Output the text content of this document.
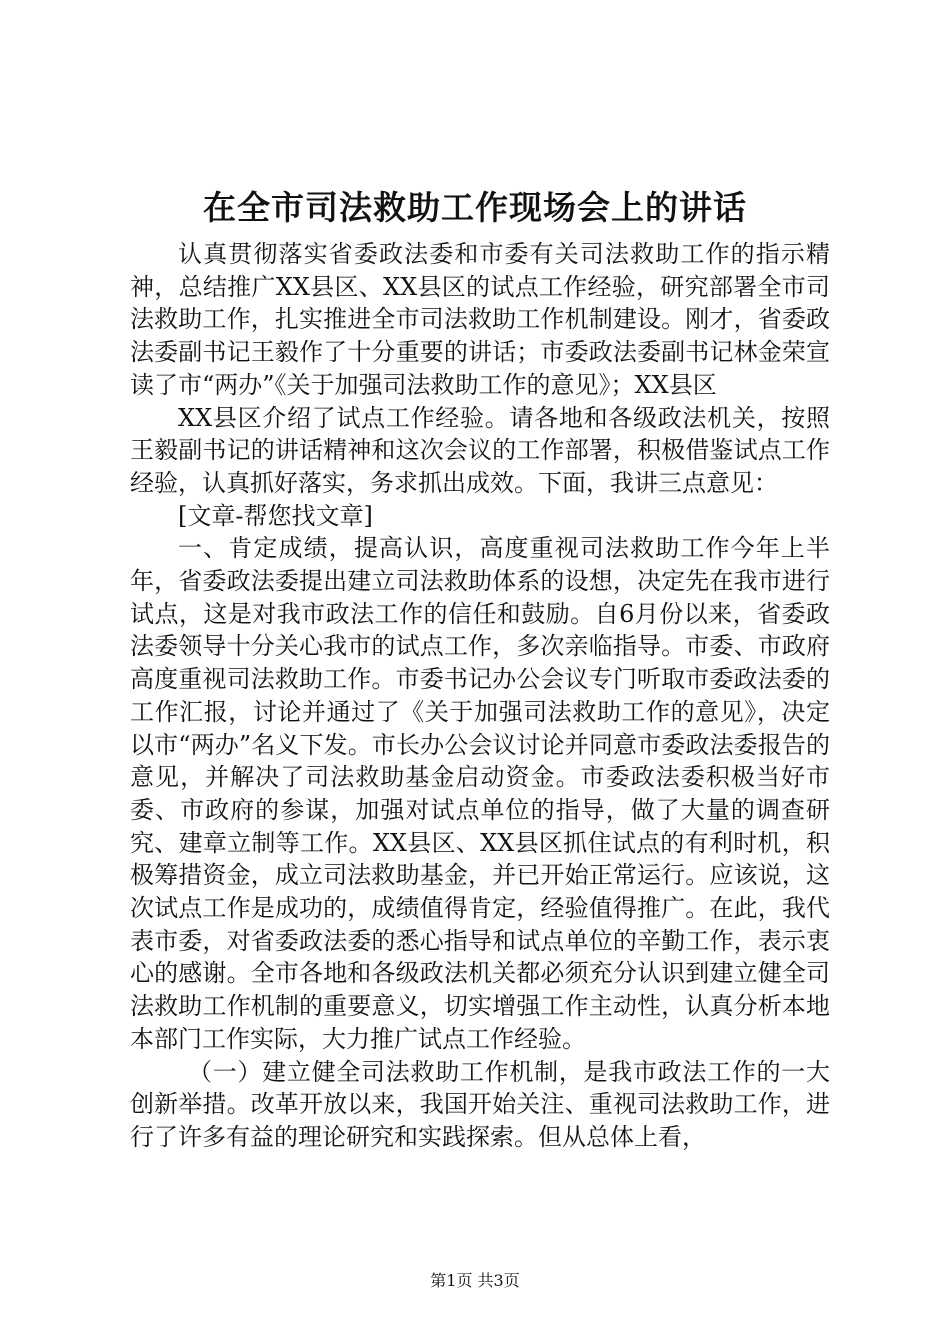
在全市司法救助工作现场会上的讲话

认真贯彻落实省委政法委和市委有关司法救助工作的指示精神，总结推广XX县区、XX县区的试点工作经验，研究部署全市司法救助工作，扎实推进全市司法救助工作机制建设。刚才，省委政法委副书记王毅作了十分重要的讲话；市委政法委副书记林金荣宣读了市“两办”《关于加强司法救助工作的意见》；XX县区

XX县区介绍了试点工作经验。请各地和各级政法机关，按照王毅副书记的讲话精神和这次会议的工作部署，积极借鉴试点工作经验，认真抓好落实，务求抓出成效。下面，我讲三点意见：

[文章-帮您找文章]

一、肯定成绩，提高认识，高度重视司法救助工作今年上半年，省委政法委提出建立司法救助体系的设想，决定先在我市进行试点，这是对我市政法工作的信任和鼓励。自6月份以来，省委政法委领导十分关心我市的试点工作，多次亲临指导。市委、市政府高度重视司法救助工作。市委书记办公会议专门听取市委政法委的工作汇报，讨论并通过了《关于加强司法救助工作的意见》，决定以市“两办”名义下发。市长办公会议讨论并同意市委政法委报告的意见，并解决了司法救助基金启动资金。市委政法委积极当好市委、市政府的参谋，加强对试点单位的指导，做了大量的调查研究、建章立制等工作。XX县区、XX县区抓住试点的有利时机，积极筹措资金，成立司法救助基金，并已开始正常运行。应该说，这次试点工作是成功的，成绩值得肯定，经验值得推广。在此，我代表市委，对省委政法委的悉心指导和试点单位的辛勤工作，表示衷心的感谢。全市各地和各级政法机关都必须充分认识到建立健全司法救助工作机制的重要意义，切实增强工作主动性，认真分析本地本部门工作实际，大力推广试点工作经验。

（一）建立健全司法救助工作机制，是我市政法工作的一大创新举措。改革开放以来，我国开始关注、重视司法救助工作，进行了许多有益的理论研究和实践探索。但从总体上看，

第1页 共3页
